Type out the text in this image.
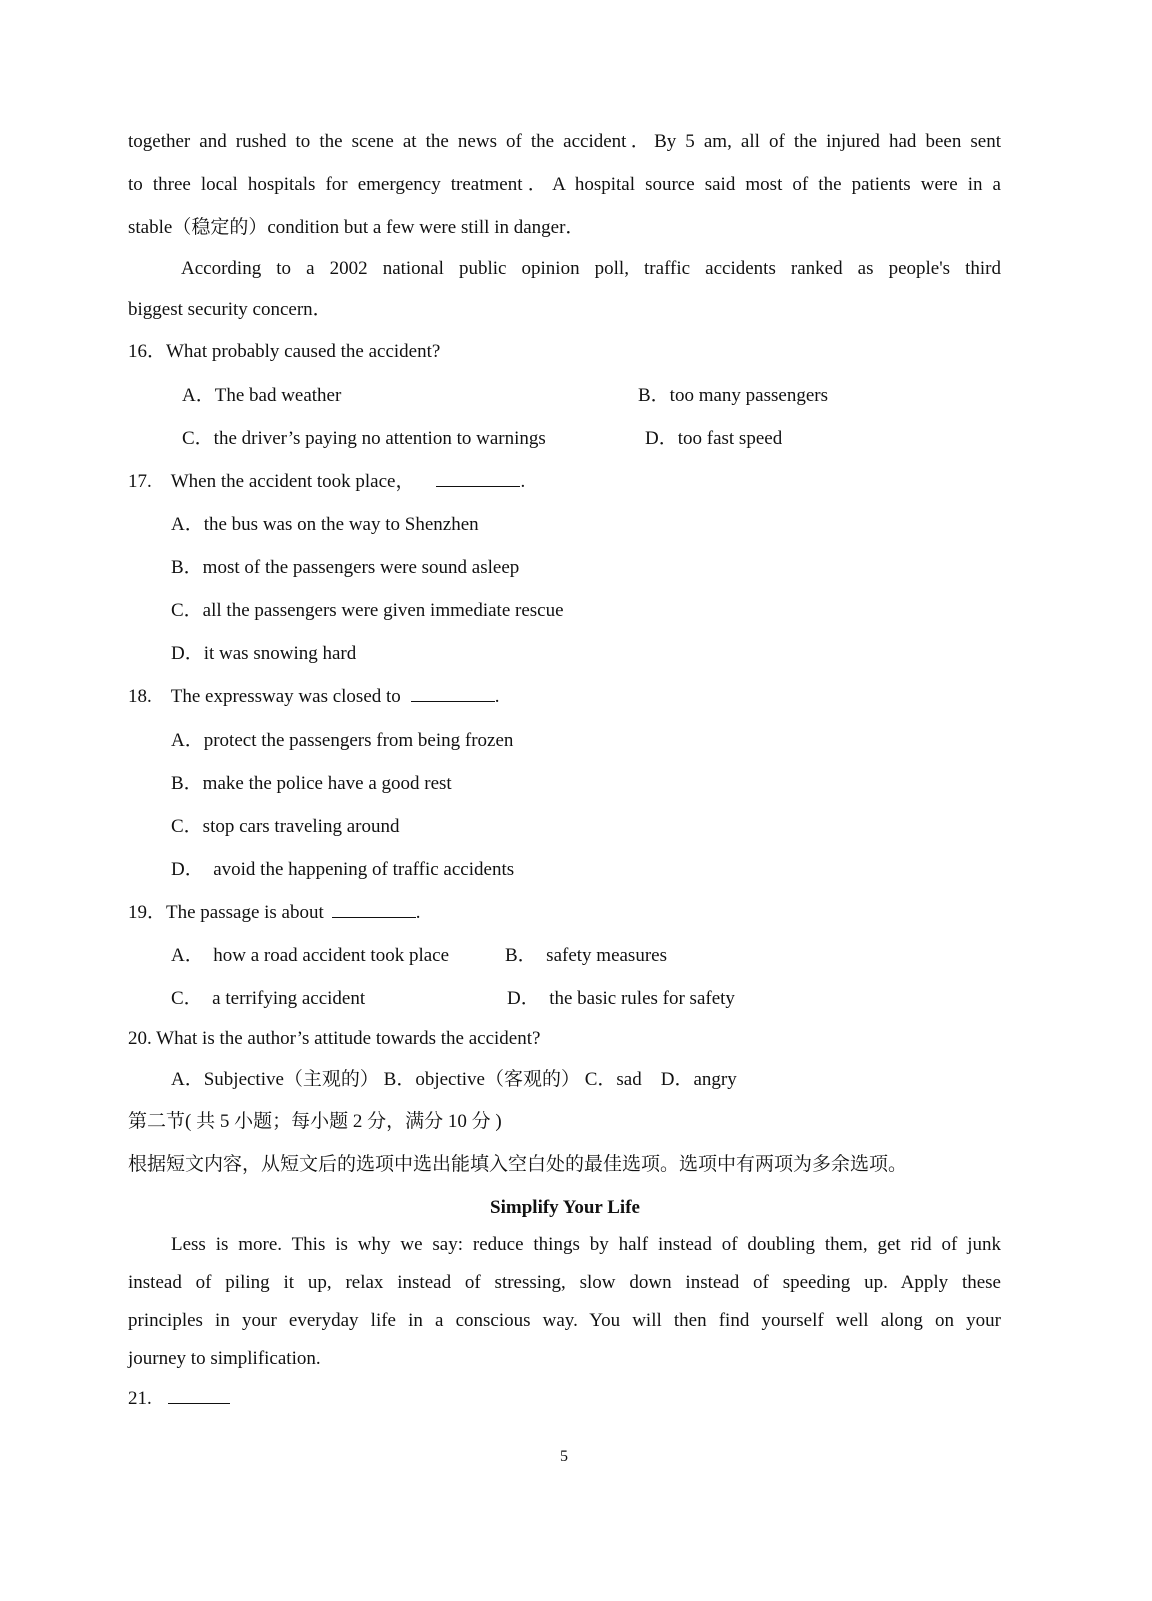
together and rushed to the scene at the news of the accident．By 5 am, all of the injured had been sent
to three local hospitals for emergency treatment．A hospital source said most of the patients were in a
stable（稳定的）condition but a few were still in danger．
According to a 2002 national public opinion poll, traffic accidents ranked as people's third
biggest security concern．
16．What probably caused the accident?
A．The bad weather	B．too many passengers
C．the driver’s paying no attention to warnings	D．too fast speed
17.　When the accident took place，	.
A．the bus was on the way to Shenzhen
B．most of the passengers were sound asleep
C．all the passengers were given immediate rescue
D．it was snowing hard
18.　The expressway was closed to	.
A．protect the passengers from being frozen
B．make the police have a good rest
C．stop cars traveling around
D．　avoid the happening of traffic accidents
19．The passage is about	.
A．　how a road accident took place	B．　safety measures
C．　a terrifying accident	D．　the basic rules for safety
20. What is the author’s attitude towards the accident?
A．Subjective（主观的） B．objective（客观的） C．sad　D．angry
第二节( 共 5 小题；每小题 2 分，满分 10 分 )
根据短文内容，从短文后的选项中选出能填入空白处的最佳选项。选项中有两项为多余选项。
Simplify Your Life
Less is more. This is why we say: reduce things by half instead of doubling them, get rid of junk
instead of piling it up, relax instead of stressing, slow down instead of speeding up. Apply these
principles in your everyday life in a conscious way. You will then find yourself well along on your
journey to simplification.
21.
5
